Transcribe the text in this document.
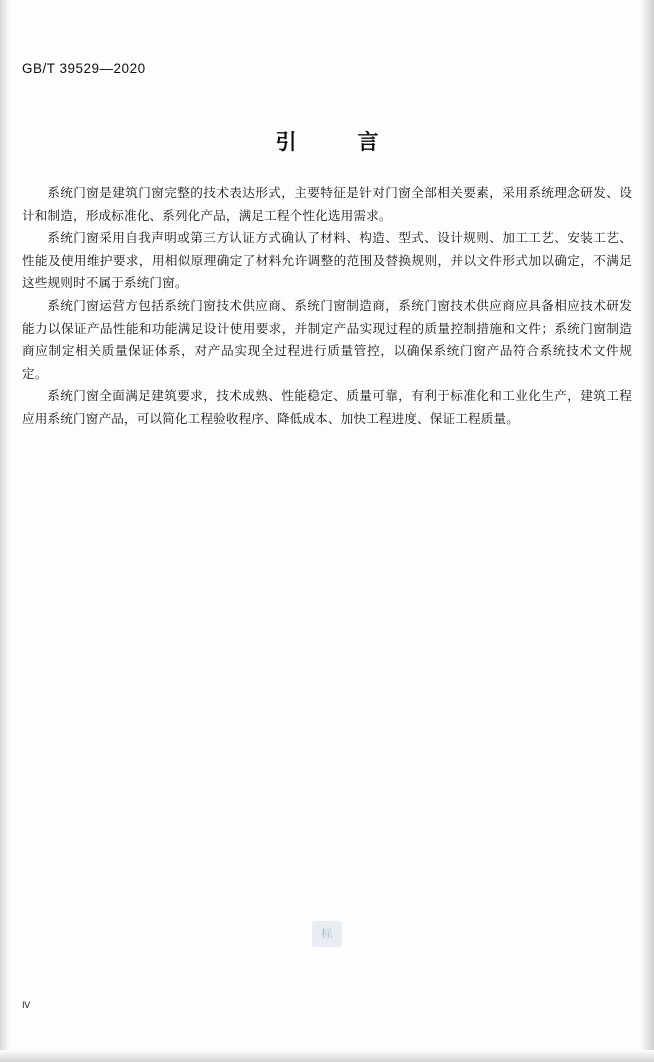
GB/T 39529—2020
引　言

系统门窗是建筑门窗完整的技术表达形式，主要特征是针对门窗全部相关要素，采用系统理念研发、设计和制造，形成标准化、系列化产品，满足工程个性化选用需求。

系统门窗采用自我声明或第三方认证方式确认了材料、构造、型式、设计规则、加工工艺、安装工艺、性能及使用维护要求，用相似原理确定了材料允许调整的范围及替换规则，并以文件形式加以确定，不满足这些规则时不属于系统门窗。

系统门窗运营方包括系统门窗技术供应商、系统门窗制造商，系统门窗技术供应商应具备相应技术研发能力以保证产品性能和功能满足设计使用要求，并制定产品实现过程的质量控制措施和文件；系统门窗制造商应制定相关质量保证体系，对产品实现全过程进行质量管控，以确保系统门窗产品符合系统技术文件规定。

系统门窗全面满足建筑要求，技术成熟、性能稳定、质量可靠，有利于标准化和工业化生产，建筑工程应用系统门窗产品，可以简化工程验收程序、降低成本、加快工程进度、保证工程质量。

标
Ⅳ
